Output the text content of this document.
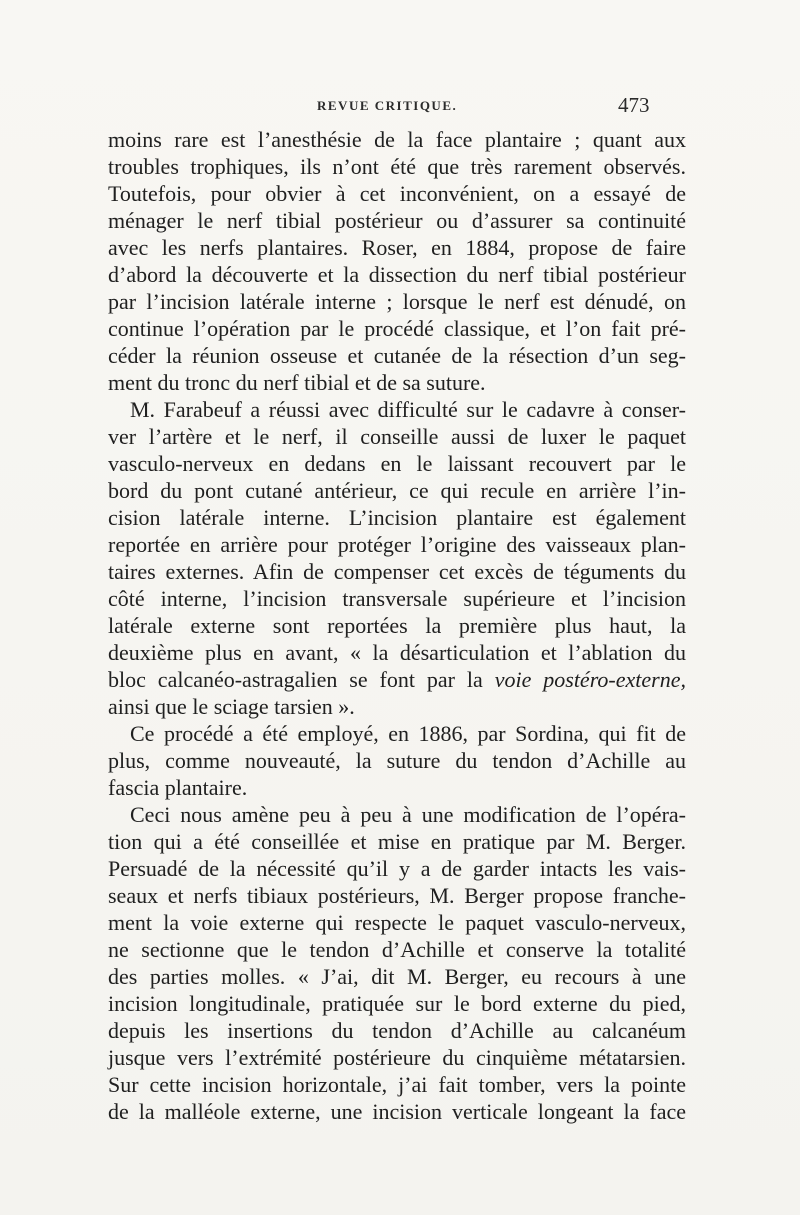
REVUE CRITIQUE.	473
moins rare est l’anesthésie de la face plantaire ; quant aux
troubles trophiques, ils n’ont été que très rarement observés.
Toutefois, pour obvier à cet inconvénient, on a essayé de
ménager le nerf tibial postérieur ou d’assurer sa continuité
avec les nerfs plantaires. Roser, en 1884, propose de faire
d’abord la découverte et la dissection du nerf tibial postérieur
par l’incision latérale interne ; lorsque le nerf est dénudé, on
continue l’opération par le procédé classique, et l’on fait pré-
céder la réunion osseuse et cutanée de la résection d’un seg-
ment du tronc du nerf tibial et de sa suture.
M. Farabeuf a réussi avec difficulté sur le cadavre à conser-
ver l’artère et le nerf, il conseille aussi de luxer le paquet
vasculo-nerveux en dedans en le laissant recouvert par le
bord du pont cutané antérieur, ce qui recule en arrière l’in-
cision latérale interne. L’incision plantaire est également
reportée en arrière pour protéger l’origine des vaisseaux plan-
taires externes. Afin de compenser cet excès de téguments du
côté interne, l’incision transversale supérieure et l’incision
latérale externe sont reportées la première plus haut, la
deuxième plus en avant, « la désarticulation et l’ablation du
bloc calcanéo-astragalien se font par la voie postéro-externe,
ainsi que le sciage tarsien ».
Ce procédé a été employé, en 1886, par Sordina, qui fit de
plus, comme nouveauté, la suture du tendon d’Achille au
fascia plantaire.
Ceci nous amène peu à peu à une modification de l’opéra-
tion qui a été conseillée et mise en pratique par M. Berger.
Persuadé de la nécessité qu’il y a de garder intacts les vais-
seaux et nerfs tibiaux postérieurs, M. Berger propose franche-
ment la voie externe qui respecte le paquet vasculo-nerveux,
ne sectionne que le tendon d’Achille et conserve la totalité
des parties molles. « J’ai, dit M. Berger, eu recours à une
incision longitudinale, pratiquée sur le bord externe du pied,
depuis les insertions du tendon d’Achille au calcanéum
jusque vers l’extrémité postérieure du cinquième métatarsien.
Sur cette incision horizontale, j’ai fait tomber, vers la pointe
de la malléole externe, une incision verticale longeant la face
